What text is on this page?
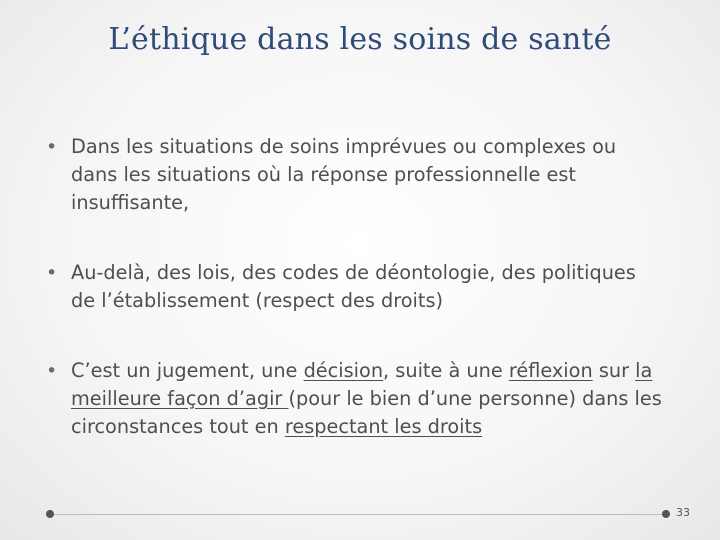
L’éthique dans les soins de santé
• Dans les situations de soins imprévues ou complexes ou dans les situations où la réponse professionnelle est insuffisante,

• Au-delà, des lois, des codes de déontologie, des politiques de l’établissement (respect des droits)

• C’est un jugement, une décision, suite à une réflexion sur la meilleure façon d’agir (pour le bien d’une personne) dans les circonstances tout en respectant les droits

33
